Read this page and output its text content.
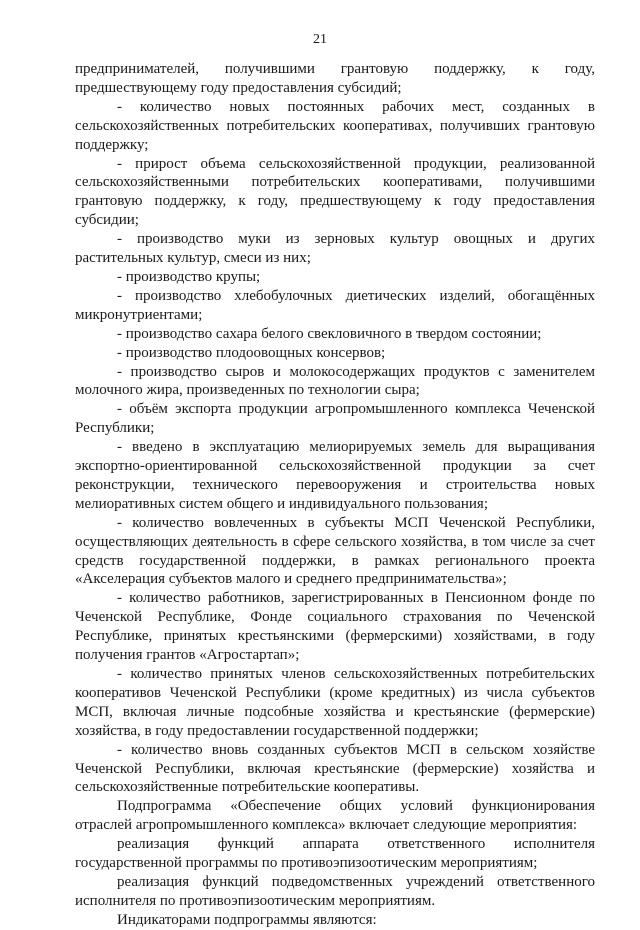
21

предпринимателей, получившими грантовую поддержку, к году, предшествующему году предоставления субсидий;

- количество новых постоянных рабочих мест, созданных в сельскохозяйственных потребительских кооперативах, получивших грантовую поддержку;

- прирост объема сельскохозяйственной продукции, реализованной сельскохозяйственными потребительских кооперативами, получившими грантовую поддержку, к году, предшествующему к году предоставления субсидии;

- производство муки из зерновых культур овощных и других растительных культур, смеси из них;

- производство крупы;

- производство хлебобулочных диетических изделий, обогащённых микронутриентами;

- производство сахара белого свекловичного в твердом состоянии;

- производство плодоовощных консервов;

- производство сыров и молокосодержащих продуктов с заменителем молочного жира, произведенных по технологии сыра;

- объём экспорта продукции агропромышленного комплекса Чеченской Республики;

- введено в эксплуатацию мелиорируемых земель для выращивания экспортно-ориентированной сельскохозяйственной продукции за счет реконструкции, технического перевооружения и строительства новых мелиоративных систем общего и индивидуального пользования;

- количество вовлеченных в субъекты МСП Чеченской Республики, осуществляющих деятельность в сфере сельского хозяйства, в том числе за счет средств государственной поддержки, в рамках регионального проекта «Акселерация субъектов малого и среднего предпринимательства»;

- количество работников, зарегистрированных в Пенсионном фонде по Чеченской Республике, Фонде социального страхования по Чеченской Республике, принятых крестьянскими (фермерскими) хозяйствами, в году получения грантов «Агростартап»;

- количество принятых членов сельскохозяйственных потребительских кооперативов Чеченской Республики (кроме кредитных) из числа субъектов МСП, включая личные подсобные хозяйства и крестьянские (фермерские) хозяйства, в году предоставлении государственной поддержки;

- количество вновь созданных субъектов МСП в сельском хозяйстве Чеченской Республики, включая крестьянские (фермерские) хозяйства и сельскохозяйственные потребительские кооперативы.

Подпрограмма «Обеспечение общих условий функционирования отраслей агропромышленного комплекса» включает следующие мероприятия:

реализация функций аппарата ответственного исполнителя государственной программы по противоэпизоотическим мероприятиям;

реализация функций подведомственных учреждений ответственного исполнителя по противоэпизоотическим мероприятиям.

Индикаторами подпрограммы являются:
